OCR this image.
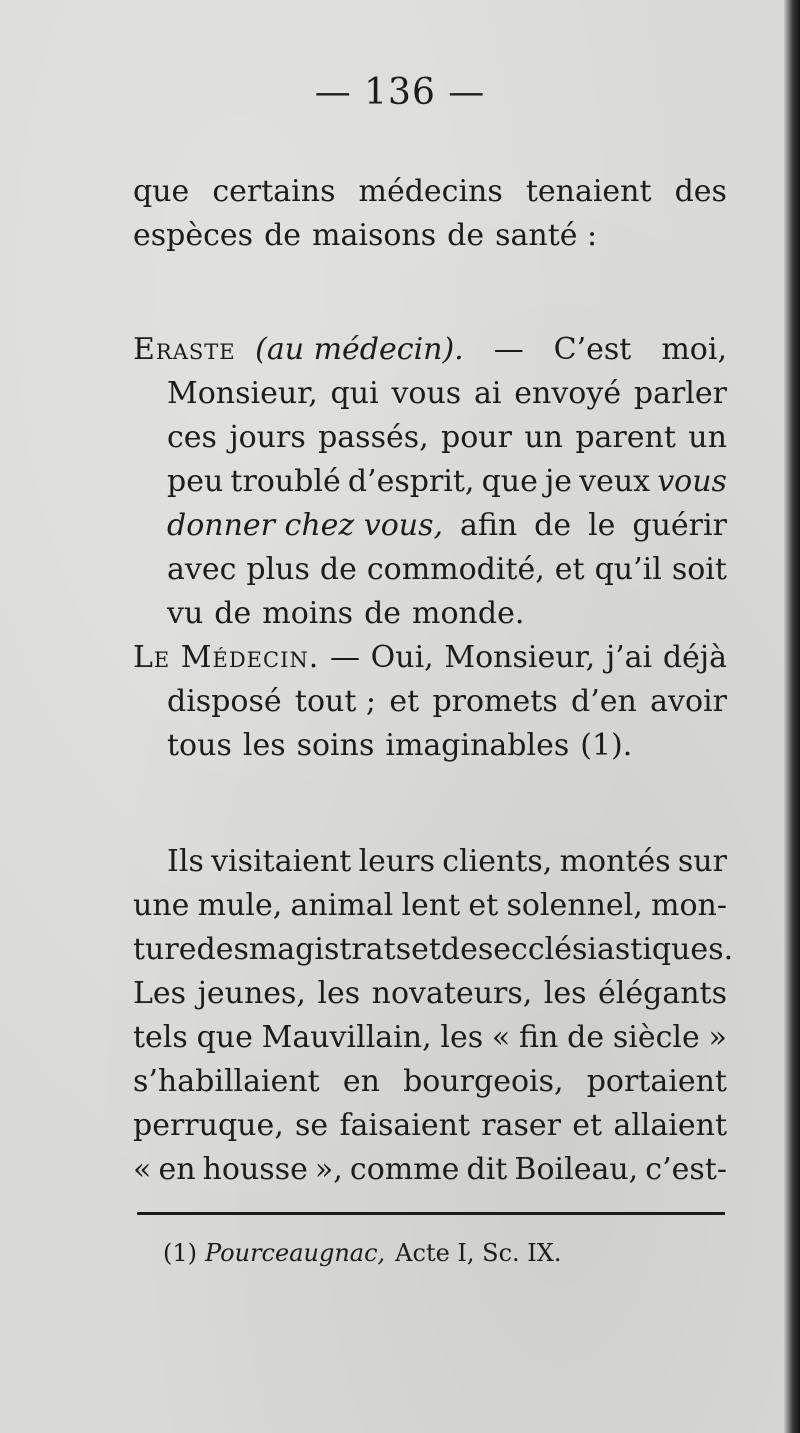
— 136 —
que certains médecins tenaient des
espèces de maisons de santé :
Eraste (au médecin). — C’est moi,
Monsieur, qui vous ai envoyé parler
ces jours passés, pour un parent un
peu troublé d’esprit, que je veux vous
donner chez vous, afin de le guérir
avec plus de commodité, et qu’il soit
vu de moins de monde.
Le Médecin. — Oui, Monsieur, j’ai déjà
disposé tout ; et promets d’en avoir
tous les soins imaginables (1).
Ils visitaient leurs clients, montés sur
une mule, animal lent et solennel, mon-
ture des magistrats et des ecclésiastiques.
Les jeunes, les novateurs, les élégants
tels que Mauvillain, les « fin de siècle »
s’habillaient en bourgeois, portaient
perruque, se faisaient raser et allaient
« en housse », comme dit Boileau, c’est-
(1) Pourceaugnac, Acte I, Sc. IX.
